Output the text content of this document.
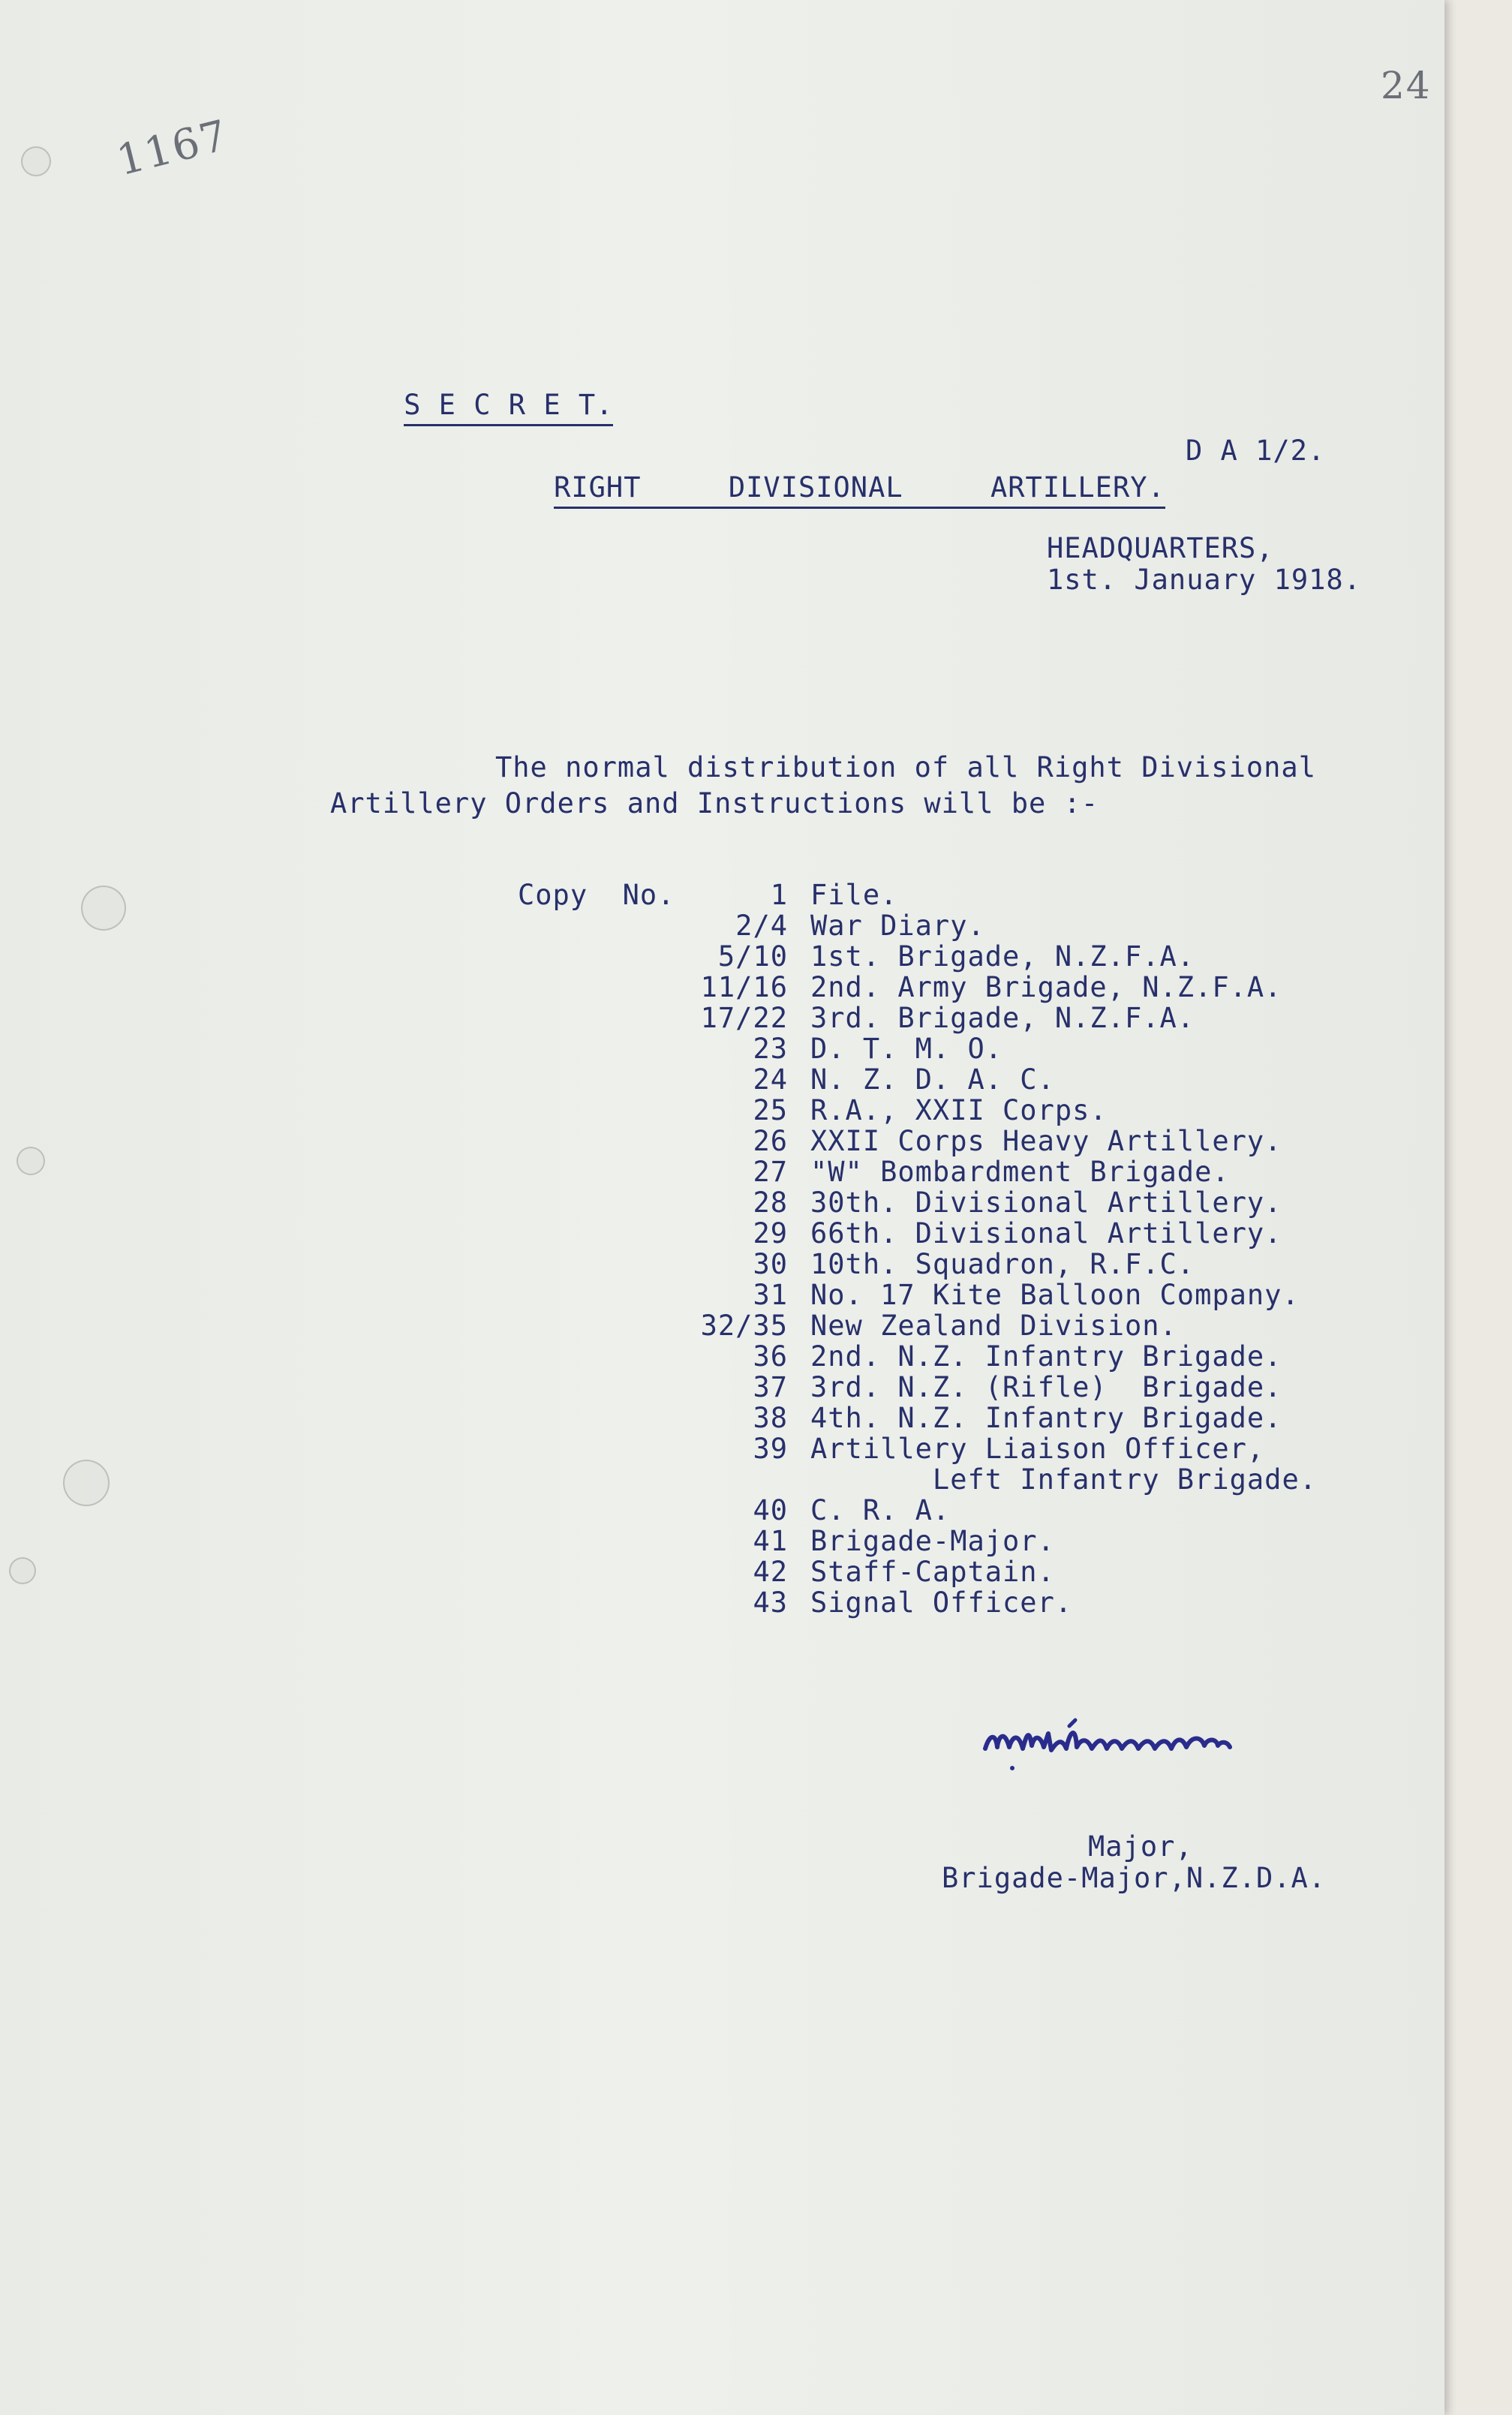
1167
24

S E C R E T.

RIGHT     DIVISIONAL     ARTILLERY.

D A 1/2.
HEADQUARTERS,
1st. January 1918.
The normal distribution of all Right Divisional
Artillery Orders and Instructions will be :-
Copy  No.	1 File.
2/4 War Diary.
5/10 1st. Brigade, N.Z.F.A.
11/16 2nd. Army Brigade, N.Z.F.A.
17/22 3rd. Brigade, N.Z.F.A.
23 D. T. M. O.
24 N. Z. D. A. C.
25 R.A., XXII Corps.
26 XXII Corps Heavy Artillery.
27 "W" Bombardment Brigade.
28 30th. Divisional Artillery.
29 66th. Divisional Artillery.
30 10th. Squadron, R.F.C.
31 No. 17 Kite Balloon Company.
32/35 New Zealand Division.
36 2nd. N.Z. Infantry Brigade.
37 3rd. N.Z. (Rifle)  Brigade.
38 4th. N.Z. Infantry Brigade.
39 Artillery Liaison Officer,
Left Infantry Brigade.
40 C. R. A.
41 Brigade-Major.
42 Staff-Captain.
43 Signal Officer.
Major,
Brigade-Major,N.Z.D.A.
